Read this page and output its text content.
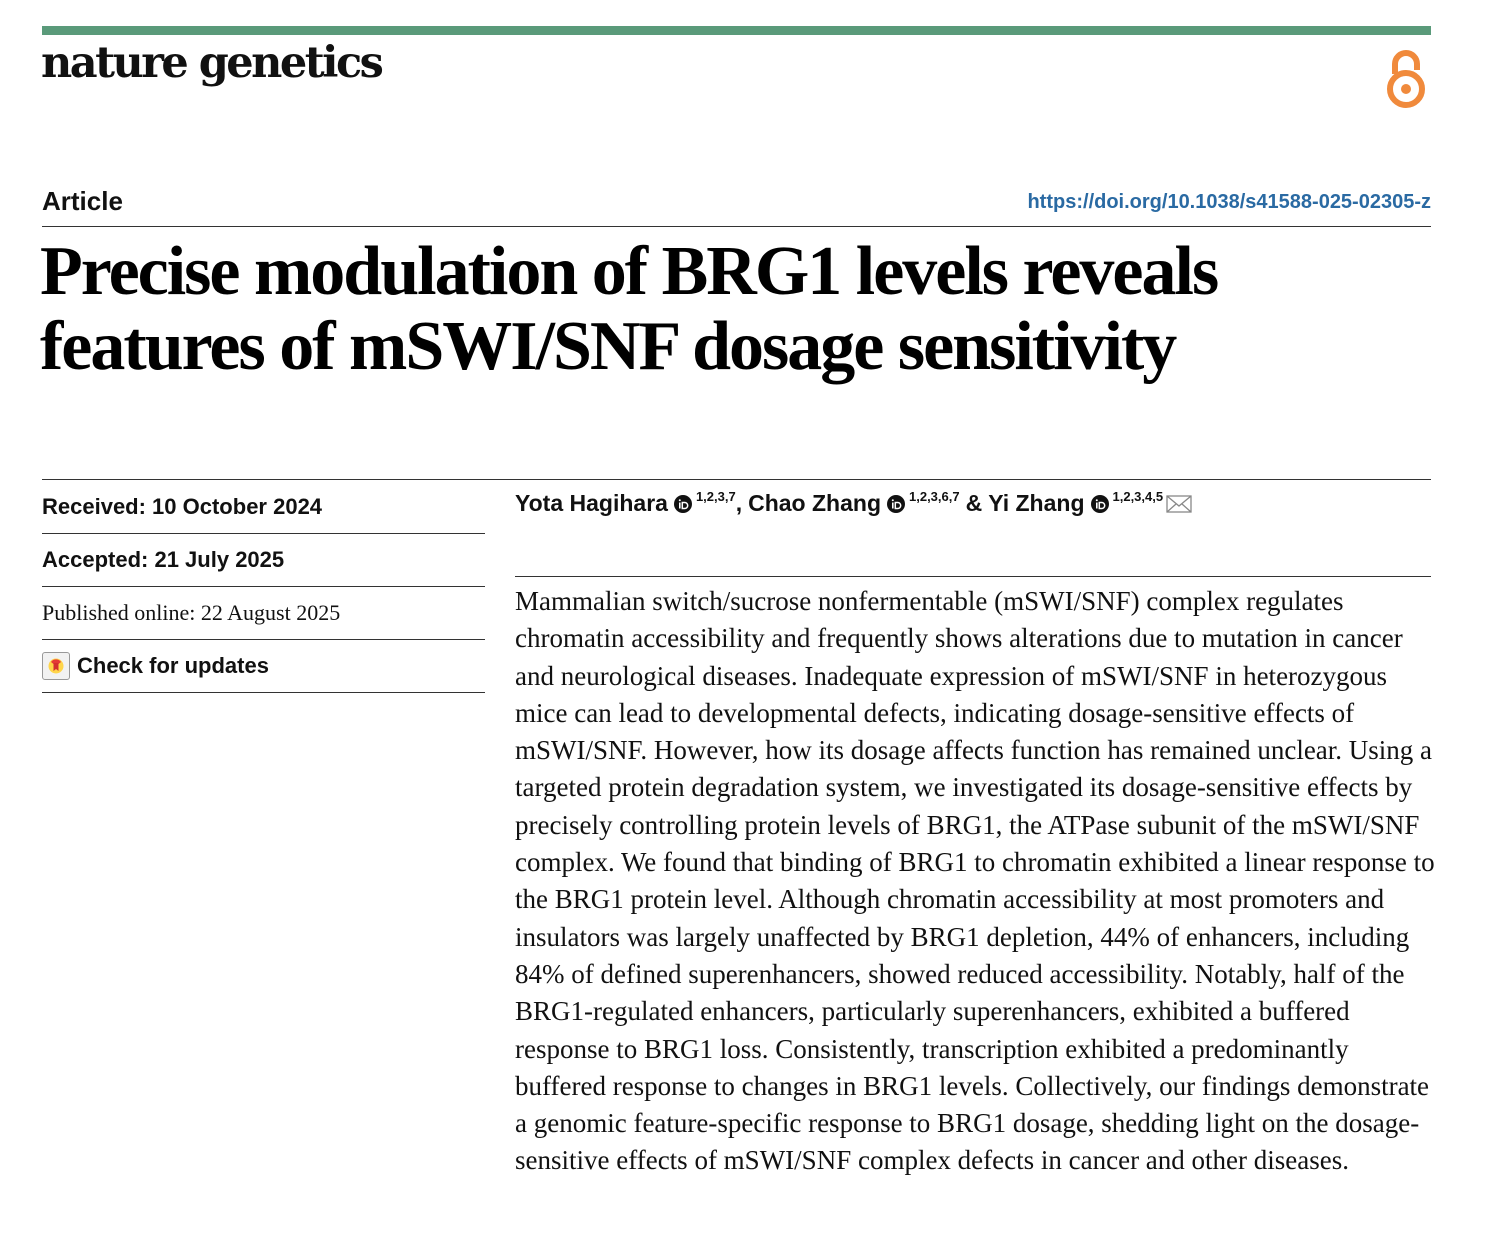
nature genetics
Article	https://doi.org/10.1038/s41588-025-02305-z
Precise modulation of BRG1 levels reveals features of mSWI/SNF dosage sensitivity
Received: 10 October 2024
Accepted: 21 July 2025
Published online: 22 August 2025
Check for updates
Yota Hagihara $^{1,2,3,7}$ , Chao Zhang $^{1,2,3,6,7}$ & Yi Zhang $^{1,2,3,4,5}$

Mammalian switch/sucrose nonfermentable (mSWI/SNF) complex regulates chromatin accessibility and frequently shows alterations due to mutation in cancer and neurological diseases. Inadequate expression of mSWI/SNF in heterozygous mice can lead to developmental defects, indicating dosage-sensitive effects of mSWI/SNF. However, how its dosage affects function has remained unclear. Using a targeted protein degradation system, we investigated its dosage-sensitive effects by precisely controlling protein levels of BRG1, the ATPase subunit of the mSWI/SNF complex. We found that binding of BRG1 to chromatin exhibited a linear response to the BRG1 protein level. Although chromatin accessibility at most promoters and insulators was largely unaffected by BRG1 depletion, 44% of enhancers, including 84% of defined superenhancers, showed reduced accessibility. Notably, half of the BRG1-regulated enhancers, particularly superenhancers, exhibited a buffered response to BRG1 loss. Consistently, transcription exhibited a predominantly buffered response to changes in BRG1 levels. Collectively, our findings demonstrate a genomic feature-specific response to BRG1 dosage, shedding light on the dosage-sensitive effects of mSWI/SNF complex defects in cancer and other diseases.
